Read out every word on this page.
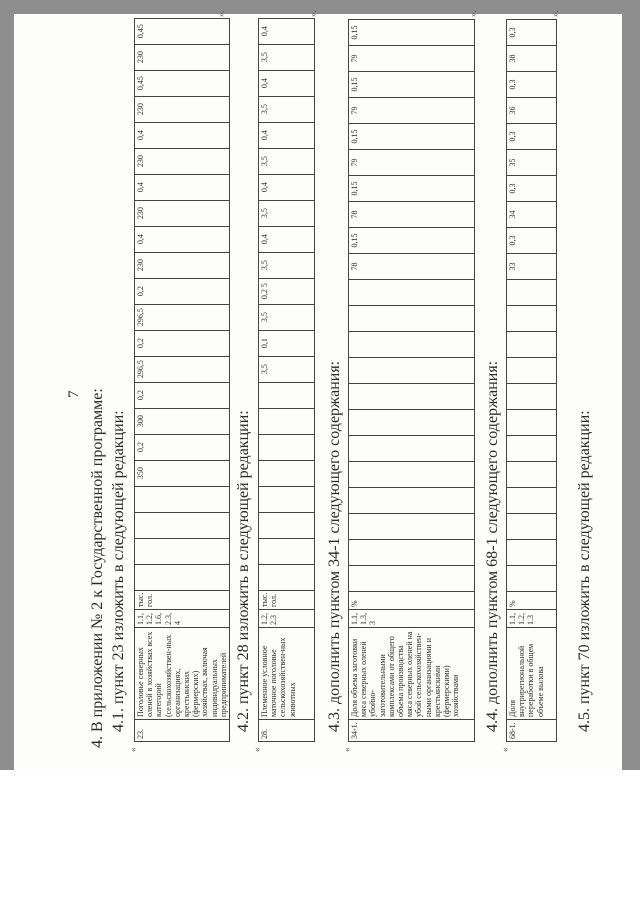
7 4. В приложении № 2 к Государственной программе: 4.1. пункт 23 изложить в следующей редакции:	4.2. пункт 28 изложить в следующей редакции:	4.3. дополнить пунктом 34-1 следующего содержания:	4.4. дополнить пунктом 68-1 следующего содержания:	4.5. пункт 70 изложить в следующей редакции:
23.	Поголовье северных оленей в хозяйствах всех категорий (сельскохозяйствен-ных организациях, крестьянских (фермерских) хозяйствах, включая индивидуальных предпринимателей	1.1, 1.2, 1.6, 2.3, 4	тыс. гол.					350	0,2	300	0,2	296,5	0,2	296,5	0,2	230	0,4	230	0,4	230	0,4	230	0,45	230	0,45
«
».
28.	Племенное условное маточное поголовье сельскохозяйствен-ных животных	1.2, 2.3	тыс. гол.									3,5	0,1	3,5	0,2 5	3,5	0,4	3,5	0,4	3,5	0,4	3,5	0,4	3,5	0,4
«
».
34-1.	Доля объема заготовки мяса северных оленей убойно-заготовительными комплексами от общего объема производства мяса северных оленей на убой сельскохозяйствен-ными организациями и крестьянскими (фермерскими) хозяйствами	1.1, 1.3, 3	%													78	0,15	78	0,15	79	0,15	79	0,15	79	0,15
«
».
68-1.	Доля внутрирегиональной переработки в общем объеме вылова	1.1, 1.2, 1.3	%													33	0,3	34	0,3	35	0,3	36	0,3	38	0,3
«
».
